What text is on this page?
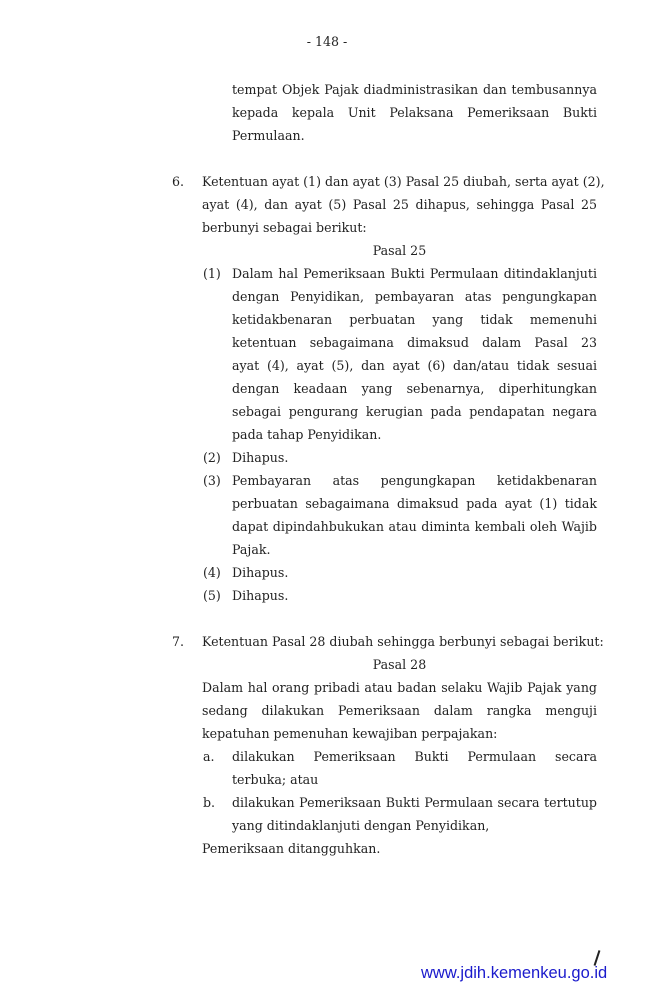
- 148 -
tempat Objek Pajak diadministrasikan dan tembusannya
kepada kepala Unit Pelaksana Pemeriksaan Bukti
Permulaan.
6. Ketentuan ayat (1) dan ayat (3) Pasal 25 diubah, serta ayat (2),
ayat (4), dan ayat (5) Pasal 25 dihapus, sehingga Pasal 25
berbunyi sebagai berikut:
Pasal 25
(1) Dalam hal Pemeriksaan Bukti Permulaan ditindaklanjuti
dengan Penyidikan, pembayaran atas pengungkapan
ketidakbenaran perbuatan yang tidak memenuhi
ketentuan sebagaimana dimaksud dalam Pasal 23
ayat (4), ayat (5), dan ayat (6) dan/atau tidak sesuai
dengan keadaan yang sebenarnya, diperhitungkan
sebagai pengurang kerugian pada pendapatan negara
pada tahap Penyidikan.
(2) Dihapus.
(3) Pembayaran atas pengungkapan ketidakbenaran
perbuatan sebagaimana dimaksud pada ayat (1) tidak
dapat dipindahbukukan atau diminta kembali oleh Wajib
Pajak.
(4) Dihapus.
(5) Dihapus.
7. Ketentuan Pasal 28 diubah sehingga berbunyi sebagai berikut:
Pasal 28
Dalam hal orang pribadi atau badan selaku Wajib Pajak yang
sedang dilakukan Pemeriksaan dalam rangka menguji
kepatuhan pemenuhan kewajiban perpajakan:
a. dilakukan Pemeriksaan Bukti Permulaan secara
terbuka; atau
b. dilakukan Pemeriksaan Bukti Permulaan secara tertutup
yang ditindaklanjuti dengan Penyidikan,
Pemeriksaan ditangguhkan.
www.jdih.kemenkeu.go.id
